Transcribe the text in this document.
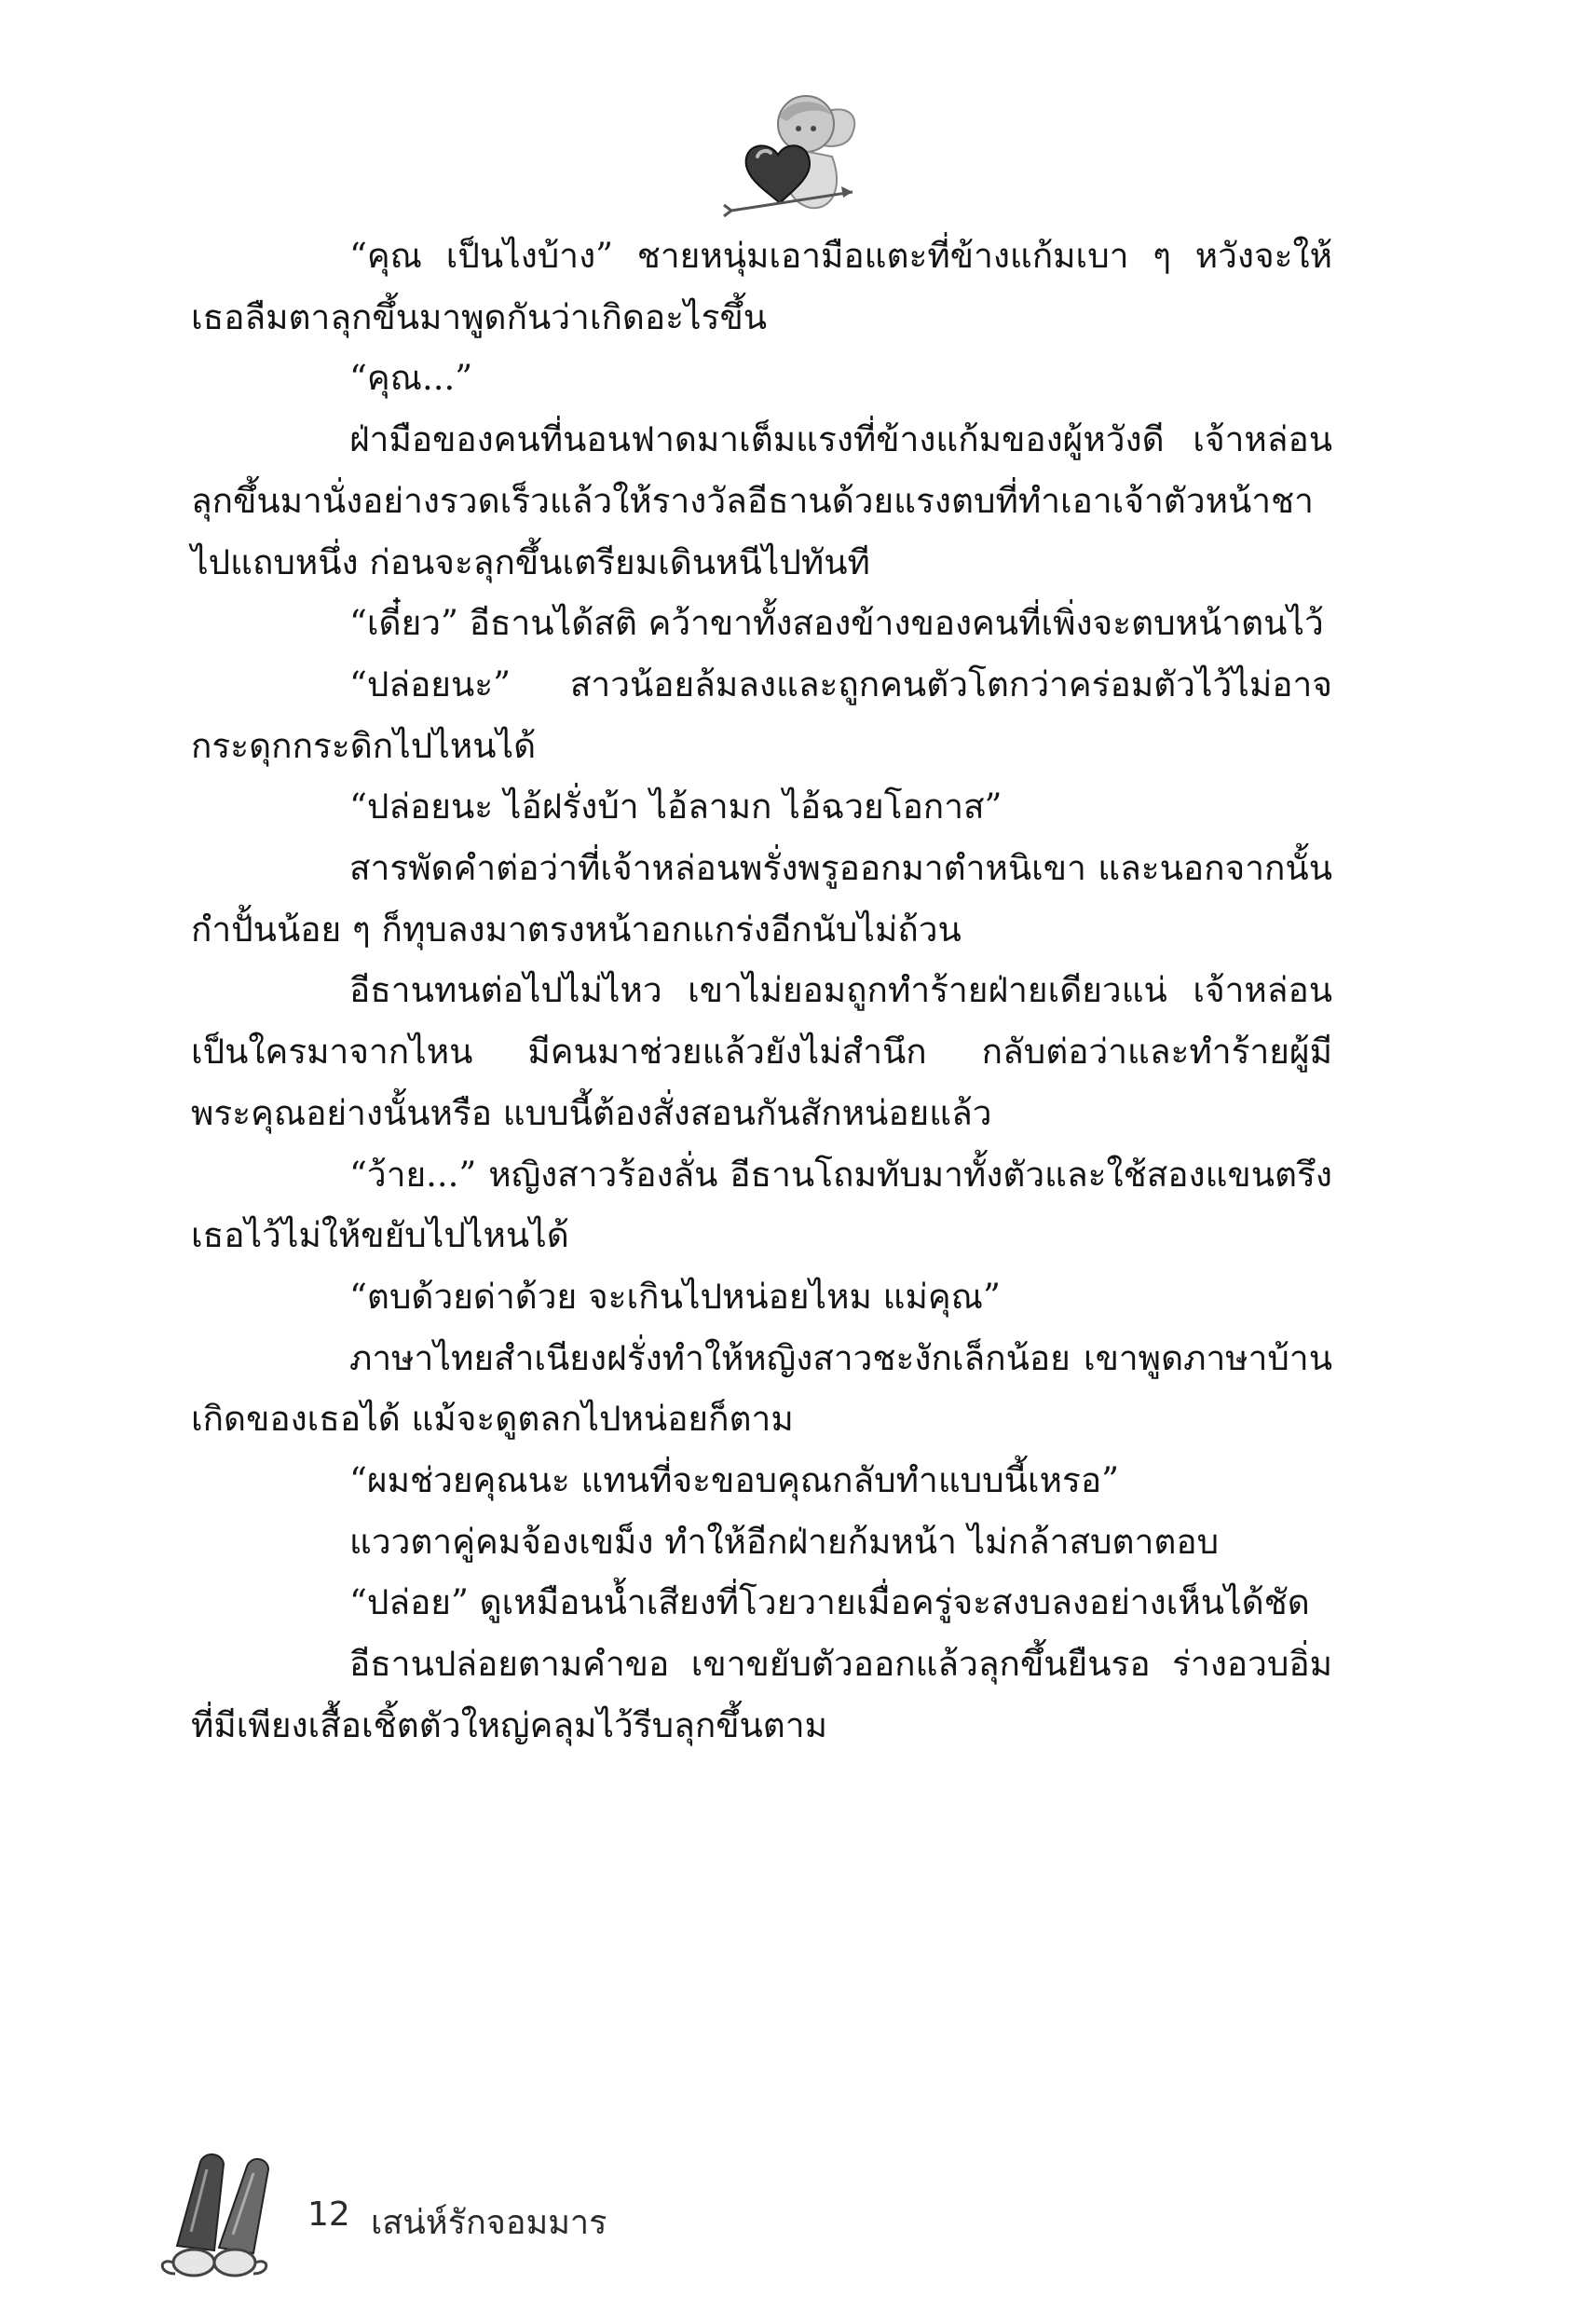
“คุณ เป็นไงบ้าง” ชายหนุ่มเอามือแตะที่ข้างแก้มเบา ๆ หวังจะให้เธอลืมตาลุกขึ้นมาพูดกันว่าเกิดอะไรขึ้น

“คุณ...”

ฝ่ามือของคนที่นอนฟาดมาเต็มแรงที่ข้างแก้มของผู้หวังดี เจ้าหล่อนลุกขึ้นมานั่งอย่างรวดเร็วแล้วให้รางวัลอีธานด้วยแรงตบที่ทำเอาเจ้าตัวหน้าชาไปแถบหนึ่ง ก่อนจะลุกขึ้นเตรียมเดินหนีไปทันที

“เดี๋ยว” อีธานได้สติ คว้าขาทั้งสองข้างของคนที่เพิ่งจะตบหน้าตนไว้

“ปล่อยนะ” สาวน้อยล้มลงและถูกคนตัวโตกว่าคร่อมตัวไว้ไม่อาจกระดุกกระดิกไปไหนได้

“ปล่อยนะ ไอ้ฝรั่งบ้า ไอ้ลามก ไอ้ฉวยโอกาส”

สารพัดคำต่อว่าที่เจ้าหล่อนพรั่งพรูออกมาตำหนิเขา และนอกจากนั้นกำปั้นน้อย ๆ ก็ทุบลงมาตรงหน้าอกแกร่งอีกนับไม่ถ้วน

อีธานทนต่อไปไม่ไหว เขาไม่ยอมถูกทำร้ายฝ่ายเดียวแน่ เจ้าหล่อนเป็นใครมาจากไหน มีคนมาช่วยแล้วยังไม่สำนึก กลับต่อว่าและทำร้ายผู้มีพระคุณอย่างนั้นหรือ แบบนี้ต้องสั่งสอนกันสักหน่อยแล้ว

“ว้าย...” หญิงสาวร้องลั่น อีธานโถมทับมาทั้งตัวและใช้สองแขนตรึงเธอไว้ไม่ให้ขยับไปไหนได้

“ตบด้วยด่าด้วย จะเกินไปหน่อยไหม แม่คุณ”

ภาษาไทยสำเนียงฝรั่งทำให้หญิงสาวชะงักเล็กน้อย เขาพูดภาษาบ้านเกิดของเธอได้ แม้จะดูตลกไปหน่อยก็ตาม

“ผมช่วยคุณนะ แทนที่จะขอบคุณกลับทำแบบนี้เหรอ”

แววตาคู่คมจ้องเขม็ง ทำให้อีกฝ่ายก้มหน้า ไม่กล้าสบตาตอบ

“ปล่อย” ดูเหมือนน้ำเสียงที่โวยวายเมื่อครู่จะสงบลงอย่างเห็นได้ชัด

อีธานปล่อยตามคำขอ เขาขยับตัวออกแล้วลุกขึ้นยืนรอ ร่างอวบอิ่มที่มีเพียงเสื้อเชิ้ตตัวใหญ่คลุมไว้รีบลุกขึ้นตาม

12 เสน่ห์รักจอมมาร
